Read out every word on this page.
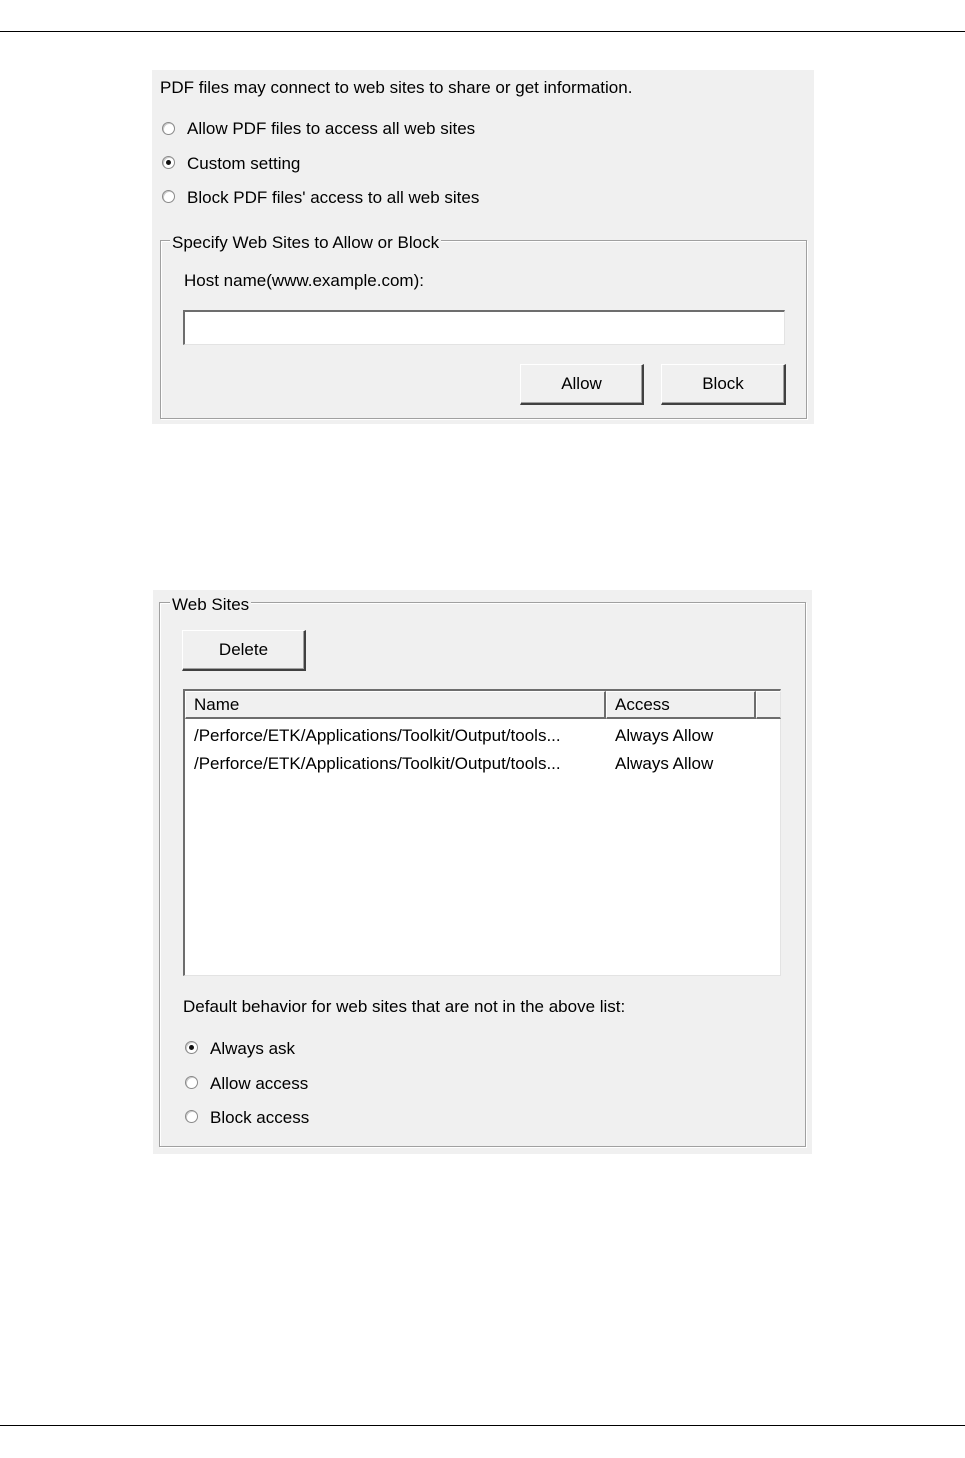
PDF files may connect to web sites to share or get information.
Allow PDF files to access all web sites
Custom setting
Block PDF files' access to all web sites
Specify Web Sites to Allow or Block
Host name(www.example.com):
Allow	Block
Web Sites
Delete
Name	Access
/Perforce/ETK/Applications/Toolkit/Output/tools...	Always Allow
/Perforce/ETK/Applications/Toolkit/Output/tools...	Always Allow
Default behavior for web sites that are not in the above list:
Always ask
Allow access
Block access
